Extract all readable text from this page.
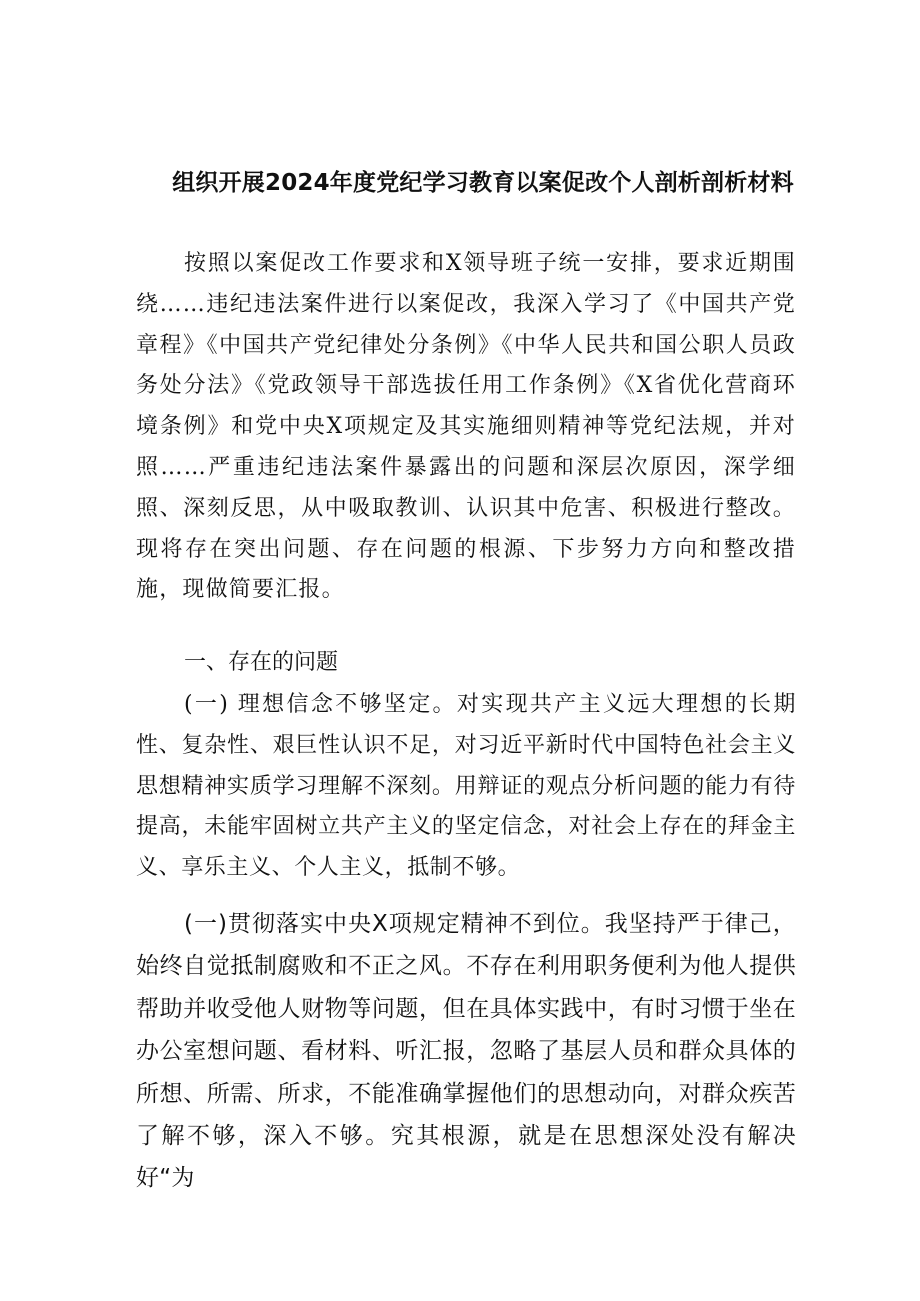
组织开展2024年度党纪学习教育以案促改个人剖析剖析材料

按照以案促改工作要求和X领导班子统一安排，要求近期围绕……违纪违法案件进行以案促改，我深入学习了《中国共产党章程》《中国共产党纪律处分条例》《中华人民共和国公职人员政务处分法》《党政领导干部选拔任用工作条例》《X省优化营商环境条例》和党中央X项规定及其实施细则精神等党纪法规，并对照……严重违纪违法案件暴露出的问题和深层次原因，深学细照、深刻反思，从中吸取教训、认识其中危害、积极进行整改。现将存在突出问题、存在问题的根源、下步努力方向和整改措施，现做简要汇报。

一、存在的问题

(一) 理想信念不够坚定。对实现共产主义远大理想的长期性、复杂性、艰巨性认识不足，对习近平新时代中国特色社会主义思想精神实质学习理解不深刻。用辩证的观点分析问题的能力有待提高，未能牢固树立共产主义的坚定信念，对社会上存在的拜金主义、享乐主义、个人主义，抵制不够。

(一)贯彻落实中央X项规定精神不到位。我坚持严于律己，始终自觉抵制腐败和不正之风。不存在利用职务便利为他人提供帮助并收受他人财物等问题，但在具体实践中，有时习惯于坐在办公室想问题、看材料、听汇报，忽略了基层人员和群众具体的所想、所需、所求，不能准确掌握他们的思想动向，对群众疾苦了解不够，深入不够。究其根源，就是在思想深处没有解决好“为
